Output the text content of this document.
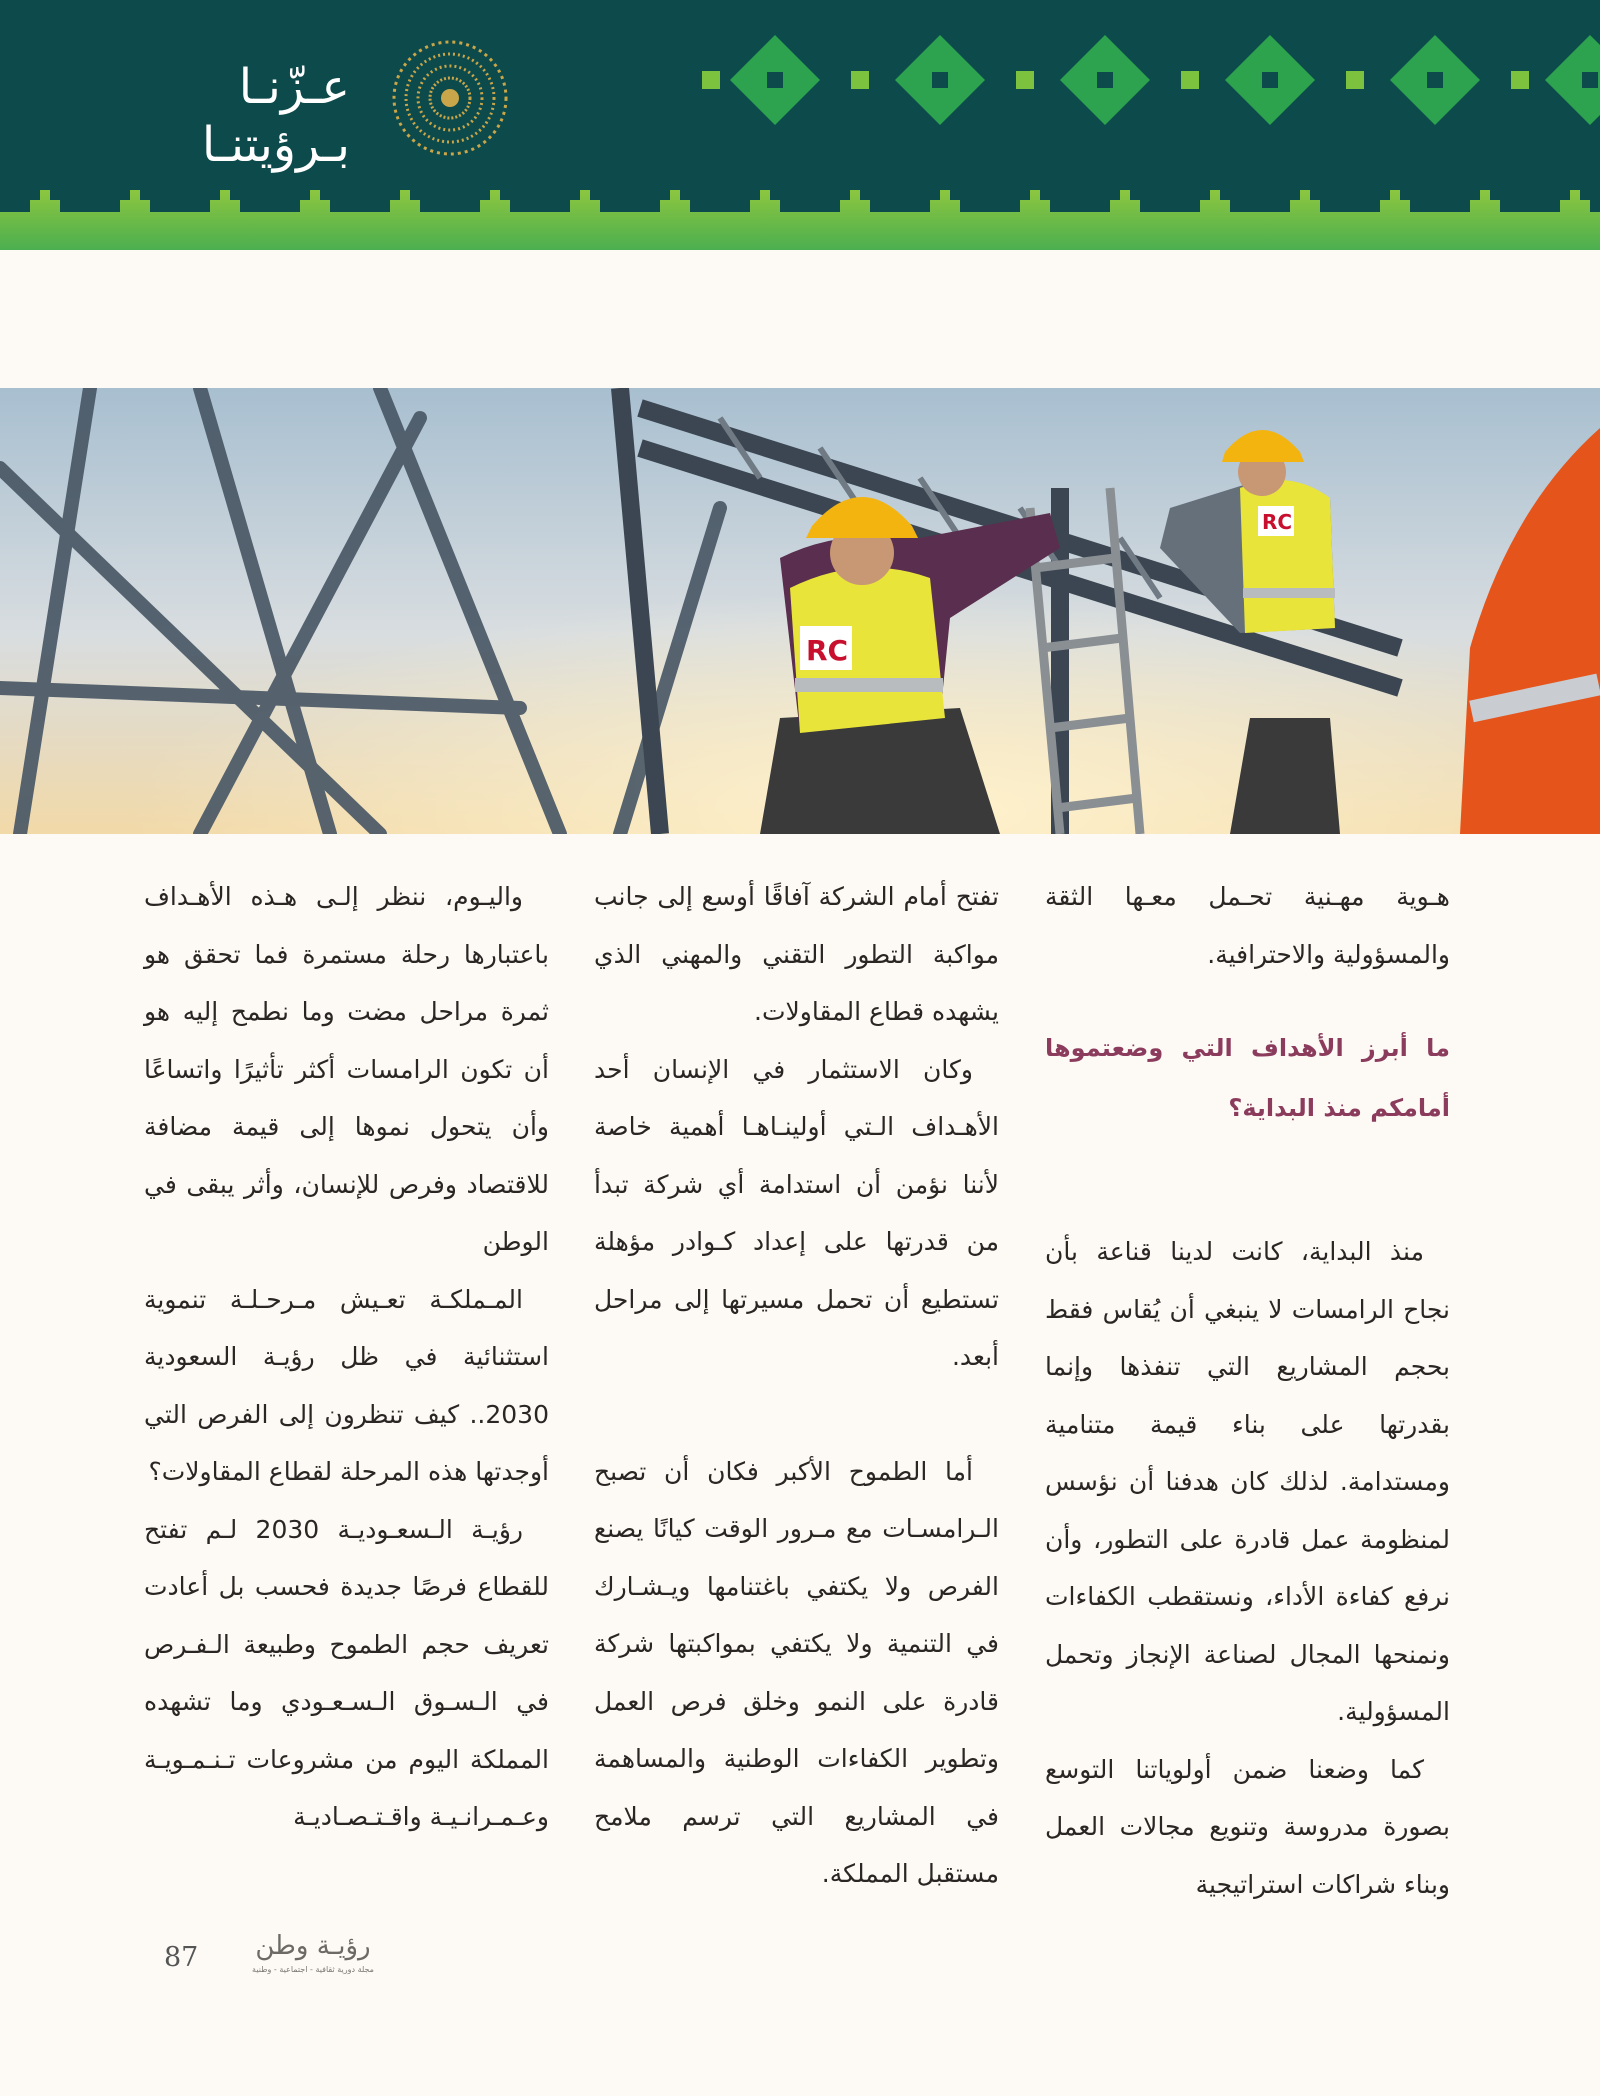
عـزّنـا
بـرؤيتنـا
RC
RC

هـوية مهـنية تحـمل معـها الثقة والمسؤولية والاحترافية.

ما أبرز الأهداف التي وضعتموها أمامكم منذ البداية؟

منذ البداية، كانت لدينا قناعة بأن نجاح الرامسات لا ينبغي أن يُقاس فقط بحجم المشاريع التي تنفذها وإنما بقدرتها على بناء قيمة متنامية ومستدامة. لذلك كان هدفنا أن نؤسس لمنظومة عمل قادرة على التطور، وأن نرفع كفاءة الأداء، ونستقطب الكفاءات ونمنحها المجال لصناعة الإنجاز وتحمل المسؤولية.

كما وضعنا ضمن أولوياتنا التوسع بصورة مدروسة وتنويع مجالات العمل وبناء شراكات استراتيجية

تفتح أمام الشركة آفاقًا أوسع إلى جانب مواكبة التطور التقني والمهني الذي يشهده قطاع المقاولات.

وكان الاستثمار في الإنسان أحد الأهـداف الـتي أولينـاهـا أهمية خاصة لأننا نؤمن أن استدامة أي شركة تبدأ من قدرتها على إعداد كـوادر مؤهلة تستطيع أن تحمل مسيرتها إلى مراحل أبعد.

أما الطموح الأكبر فكان أن تصبح الـرامسـات مع مـرور الوقت كيانًا يصنع الفرص ولا يكتفي باغتنامها ويـشـارك في التنمية ولا يكتفي بمواكبتها شركة قادرة على النمو وخلق فرص العمل وتطوير الكفاءات الوطنية والمساهمة في المشاريع التي ترسم ملامح مستقبل المملكة.

واليـوم، ننظر إلـى هـذه الأهـداف باعتبارها رحلة مستمرة فما تحقق هو ثمرة مراحل مضت وما نطمح إليه هو أن تكون الرامسات أكثر تأثيرًا واتساعًا وأن يتحول نموها إلى قيمة مضافة للاقتصاد وفرص للإنسان، وأثر يبقى في الوطن

المـملكـة تعـيش مـرحـلـة تنموية استثنائية في ظل رؤيـة السعودية 2030.. كيف تنظرون إلى الفرص التي أوجدتها هذه المرحلة لقطاع المقاولات؟

رؤيـة الـسعـوديـة 2030 لـم تفتح للقطاع فرصًا جديدة فحسب بل أعادت تعريف حجم الطموح وطبيعة الـفـرص في الـسـوق الـسـعـودي وما تشهده المملكة اليوم من مشروعات تـنـمـويـة وعـمـرانـيـة واقـتـصـاديـة

87 رؤيـة وطن
مجلة دورية ثقافية - اجتماعية - وطنية
